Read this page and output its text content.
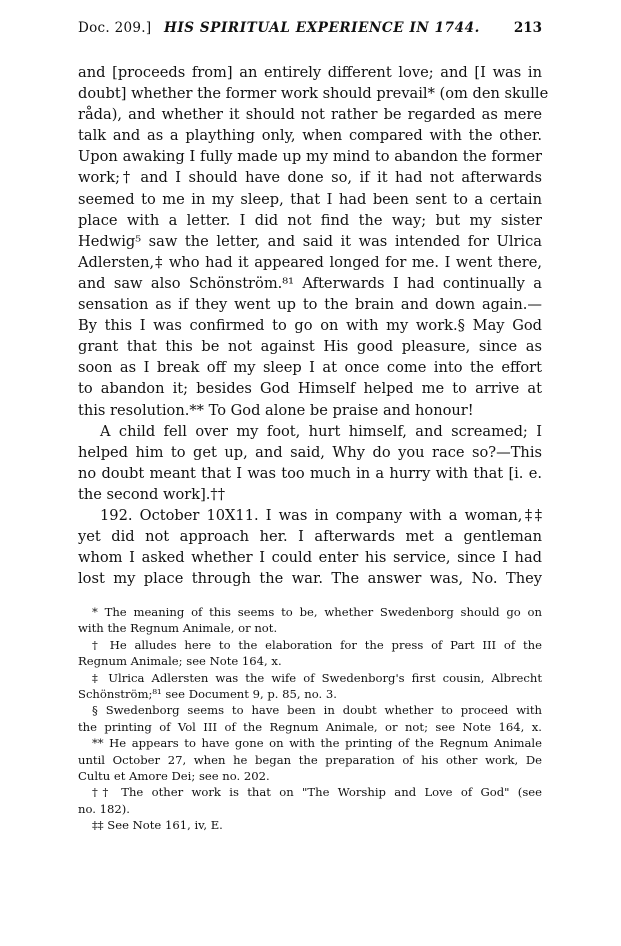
Doc. 209.] HIS SPIRITUAL EXPERIENCE IN 1744.	213
and [proceeds from] an entirely different love; and [I was in
doubt] whether the former work should prevail* (om den skulle
råda), and whether it should not rather be regarded as mere
talk and as a plaything only, when compared with the other.
Upon awaking I fully made up my mind to abandon the former
work;† and I should have done so, if it had not afterwards
seemed to me in my sleep, that I had been sent to a certain
place with a letter. I did not find the way; but my sister
Hedwig⁵ saw the letter, and said it was intended for Ulrica
Adlersten,‡ who had it appeared longed for me. I went there,
and saw also Schönström.⁸¹ Afterwards I had continually a
sensation as if they went up to the brain and down again.—
By this I was confirmed to go on with my work.§ May God
grant that this be not against His good pleasure, since as
soon as I break off my sleep I at once come into the effort
to abandon it; besides God Himself helped me to arrive at
this resolution.** To God alone be praise and honour!
A child fell over my foot, hurt himself, and screamed; I
helped him to get up, and said, Why do you race so?—This
no doubt meant that I was too much in a hurry with that [i. e.
the second work].††
192. October 10X11. I was in company with a woman,‡‡
yet did not approach her. I afterwards met a gentleman
whom I asked whether I could enter his service, since I had
lost my place through the war. The answer was, No. They
* The meaning of this seems to be, whether Swedenborg should go on
with the Regnum Animale, or not.
† He alludes here to the elaboration for the press of Part III of the
Regnum Animale; see Note 164, x.
‡ Ulrica Adlersten was the wife of Swedenborg's first cousin, Albrecht
Schönström;⁸¹ see Document 9, p. 85, no. 3.
§ Swedenborg seems to have been in doubt whether to proceed with
the printing of Vol III of the Regnum Animale, or not; see Note 164, x.
** He appears to have gone on with the printing of the Regnum Animale
until October 27, when he began the preparation of his other work, De
Cultu et Amore Dei; see no. 202.
†† The other work is that on "The Worship and Love of God" (see
no. 182).
‡‡ See Note 161, iv, E.
